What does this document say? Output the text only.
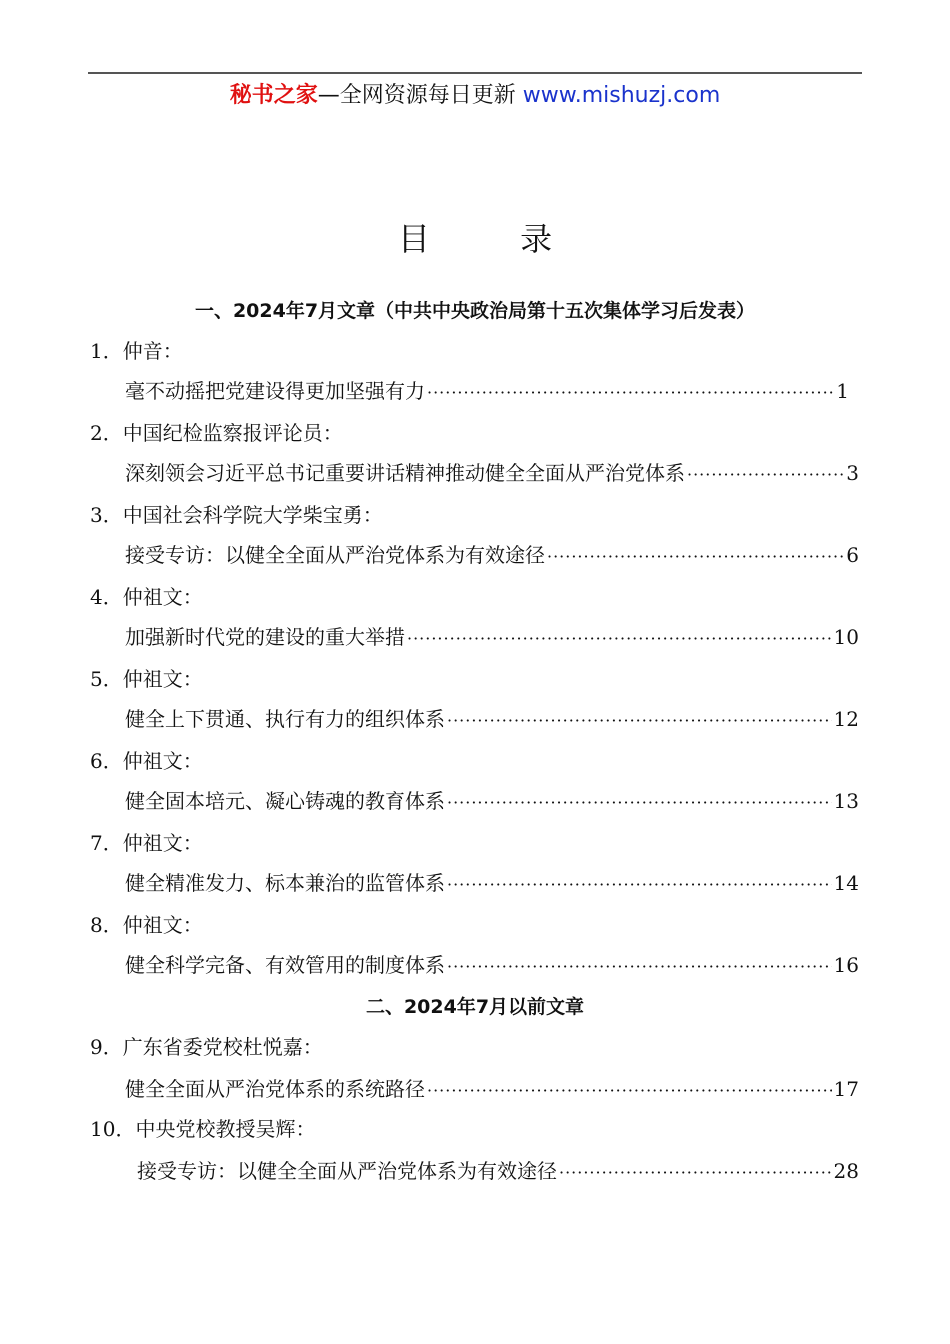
秘书之家—全网资源每日更新 www.mishuzj.com
目 录
一、2024年7月文章（中共中央政治局第十五次集体学习后发表）
1．仲音：
毫不动摇把党建设得更加坚强有力 ·····	1
2．中国纪检监察报评论员：
深刻领会习近平总书记重要讲话精神推动健全全面从严治党体系 ·····	3
3．中国社会科学院大学柴宝勇：
接受专访：以健全全面从严治党体系为有效途径 ·····	6
4．仲祖文：
加强新时代党的建设的重大举措 ·····	10
5．仲祖文：
健全上下贯通、执行有力的组织体系 ·····	12
6．仲祖文：
健全固本培元、凝心铸魂的教育体系 ·····	13
7．仲祖文：
健全精准发力、标本兼治的监管体系 ·····	14
8．仲祖文：
健全科学完备、有效管用的制度体系 ·····	16
二、2024年7月以前文章
9．广东省委党校杜悦嘉：
健全全面从严治党体系的系统路径 ·····	17
10．中央党校教授吴辉：
接受专访：以健全全面从严治党体系为有效途径 ·····	28
